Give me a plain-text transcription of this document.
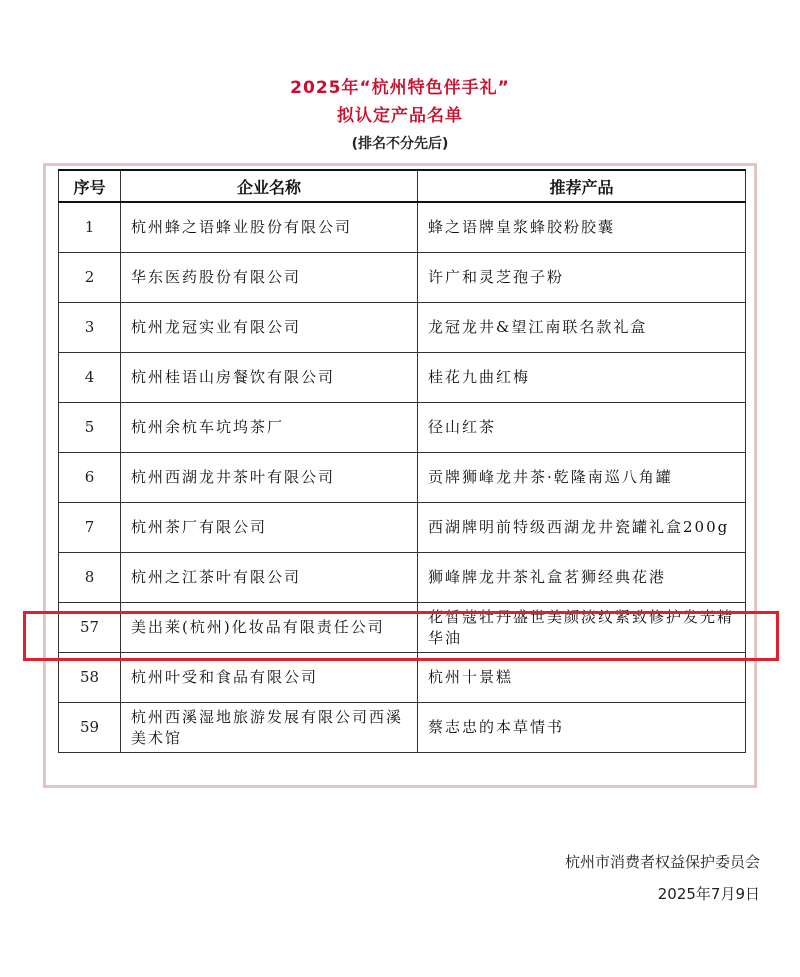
2025年“杭州特色伴手礼”
拟认定产品名单
(排名不分先后)
序号	企业名称	推荐产品
1	杭州蜂之语蜂业股份有限公司	蜂之语牌皇浆蜂胶粉胶囊
2	华东医药股份有限公司	许广和灵芝孢子粉
3	杭州龙冠实业有限公司	龙冠龙井&望江南联名款礼盒
4	杭州桂语山房餐饮有限公司	桂花九曲红梅
5	杭州余杭车坑坞茶厂	径山红茶
6	杭州西湖龙井茶叶有限公司	贡牌狮峰龙井茶·乾隆南巡八角罐
7	杭州茶厂有限公司	西湖牌明前特级西湖龙井瓷罐礼盒200g
8	杭州之江茶叶有限公司	狮峰牌龙井茶礼盒茗狮经典花港
57	美出莱(杭州)化妆品有限责任公司	花皙蔻牡丹盛世美颜淡纹紧致修护发光精华油
58	杭州叶受和食品有限公司	杭州十景糕
59	杭州西溪湿地旅游发展有限公司西溪美术馆	蔡志忠的本草情书
杭州市消费者权益保护委员会
2025年7月9日
